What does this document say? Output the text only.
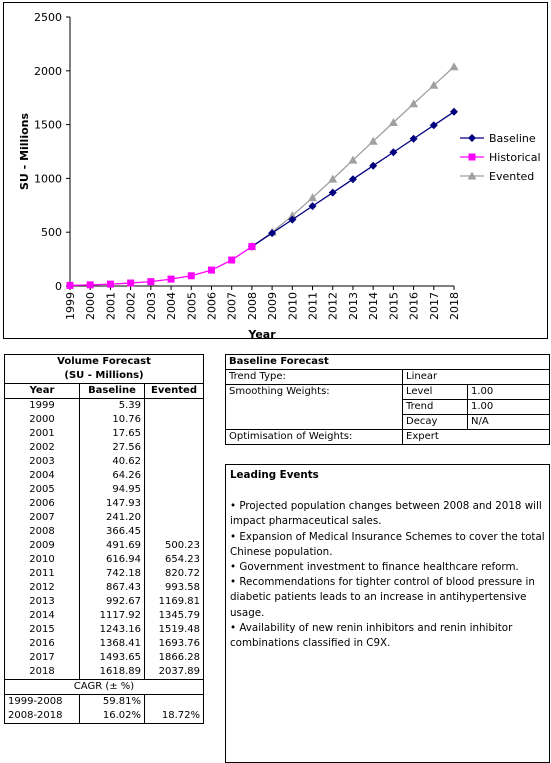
0
500
1000
1500
2000
2500
1999 2000 2001 2002 2003 2004 2005 2006 2007 2008 2009 2010 2011 2012 2013 2014 2015 2016 2017 2018
Year
SU - Millions	Baseline
Historical
Evented
Volume Forecast		
(SU - Millions)		
Year	Baseline	Evented
1999	5.39	
2000	10.76	
2001	17.65	
2002	27.56	
2003	40.62	
2004	64.26	
2005	94.95	
2006	147.93	
2007	241.20	
2008	366.45	
2009	491.69	500.23
2010	616.94	654.23
2011	742.18	820.72
2012	867.43	993.58
2013	992.67	1169.81
2014	1117.92	1345.79
2015	1243.16	1519.48
2016	1368.41	1693.76
2017	1493.65	1866.28
2018	1618.89	2037.89
CAGR (± %)		
1999-2008	59.81%	
2008-2018	16.02%	18.72%
Baseline Forecast		
Trend Type:	Linear	
Smoothing Weights:	Level	1.00
	Trend	1.00
	Decay	N/A
Optimisation of Weights:	Expert	
Leading Events
• Projected population changes between 2008 and 2018 will impact pharmaceutical sales.
• Expansion of Medical Insurance Schemes to cover the total Chinese population.
• Government investment to finance healthcare reform.
• Recommendations for tighter control of blood pressure in diabetic patients leads to an increase in antihypertensive usage.
• Availability of new renin inhibitors and renin inhibitor combinations classified in C9X.
